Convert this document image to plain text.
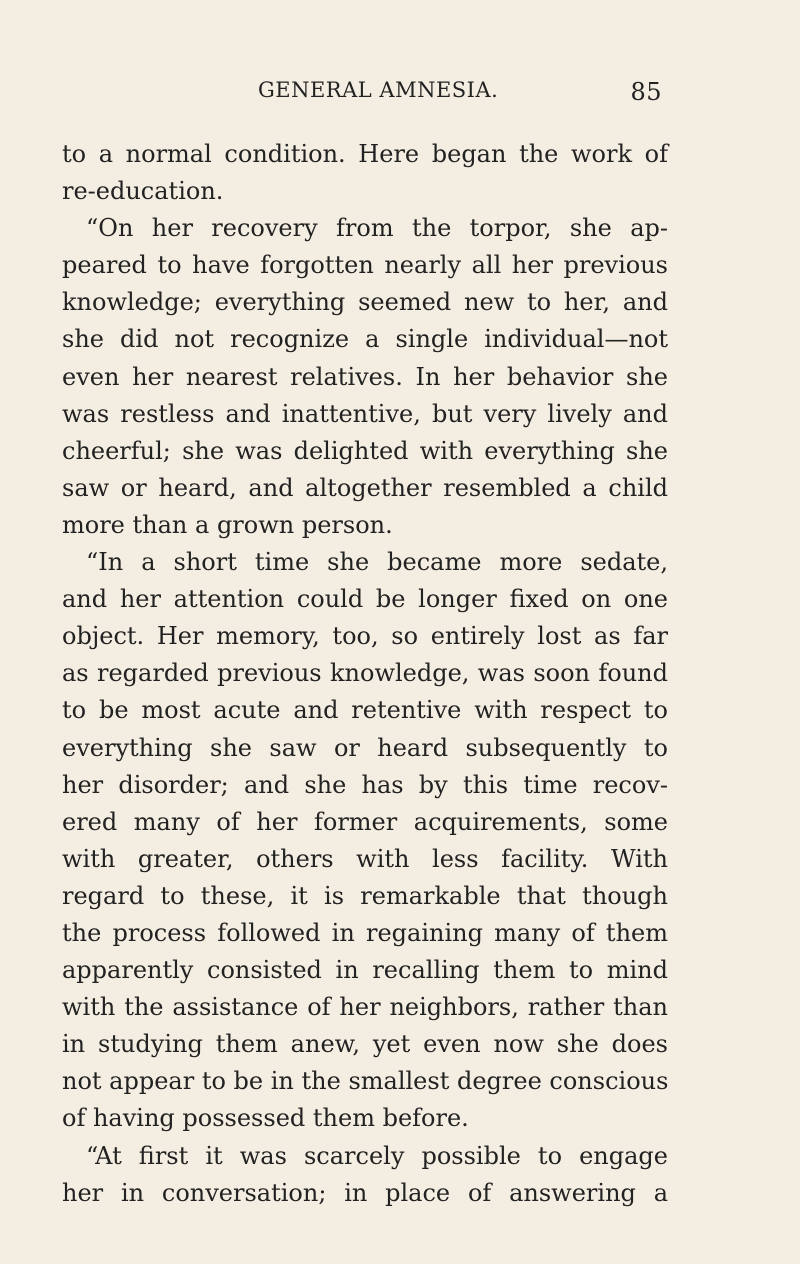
GENERAL AMNESIA.	85
to a normal condition. Here began the work of
re-education.
“On her recovery from the torpor, she ap-
peared to have forgotten nearly all her previous
knowledge; everything seemed new to her, and
she did not recognize a single individual—not
even her nearest relatives. In her behavior she
was restless and inattentive, but very lively and
cheerful; she was delighted with everything she
saw or heard, and altogether resembled a child
more than a grown person.
“In a short time she became more sedate,
and her attention could be longer fixed on one
object. Her memory, too, so entirely lost as far
as regarded previous knowledge, was soon found
to be most acute and retentive with respect to
everything she saw or heard subsequently to
her disorder; and she has by this time recov-
ered many of her former acquirements, some
with greater, others with less facility. With
regard to these, it is remarkable that though
the process followed in regaining many of them
apparently consisted in recalling them to mind
with the assistance of her neighbors, rather than
in studying them anew, yet even now she does
not appear to be in the smallest degree conscious
of having possessed them before.
“At first it was scarcely possible to engage
her in conversation; in place of answering a
